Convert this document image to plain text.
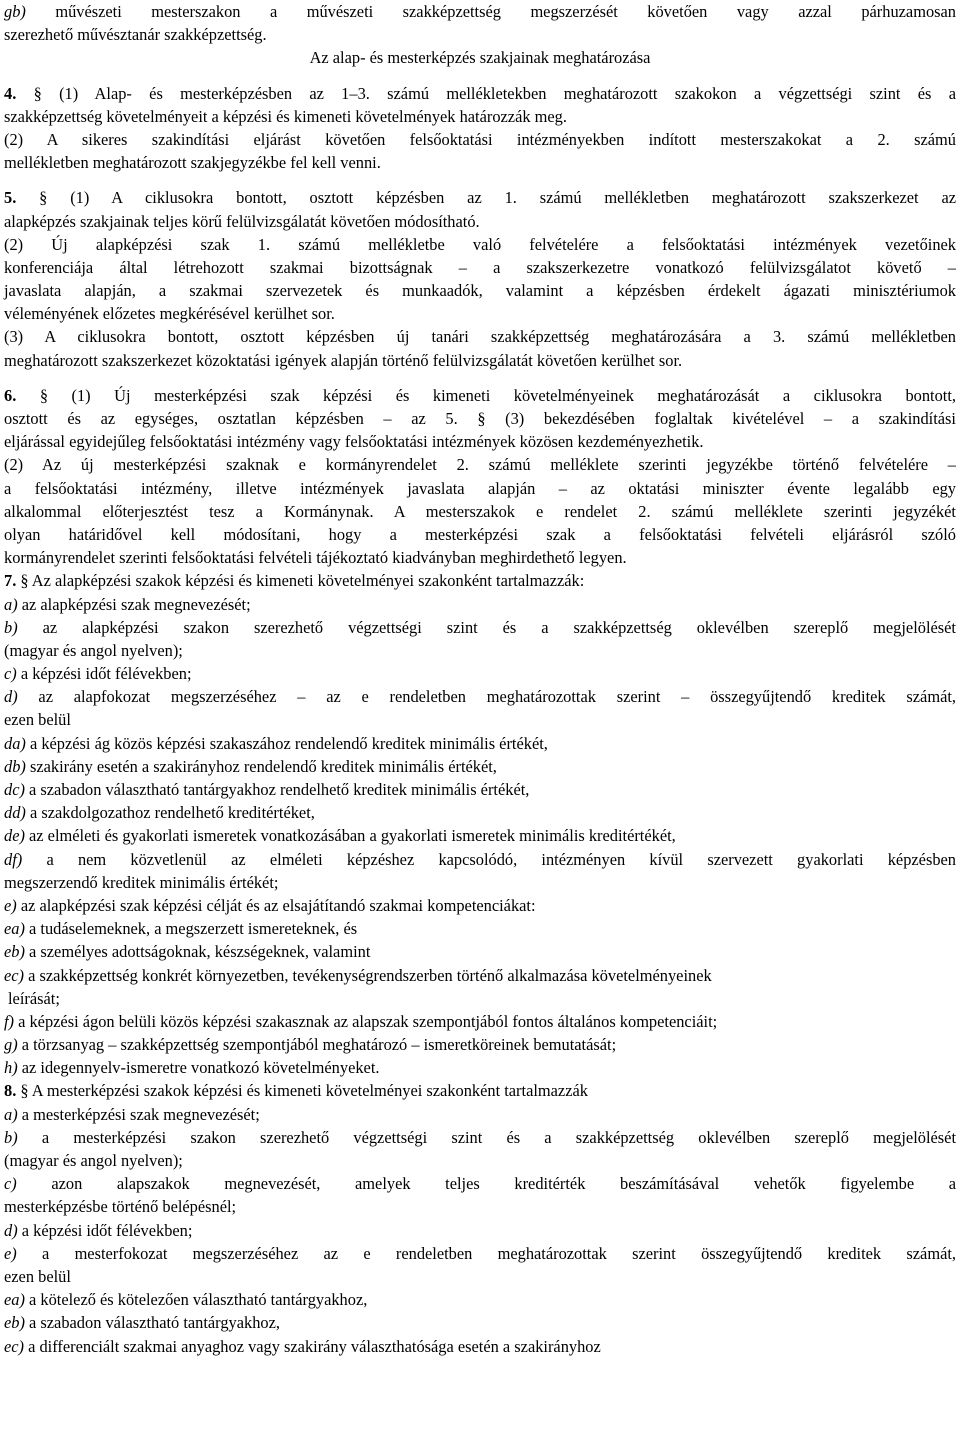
gb) művészeti mesterszakon a művészeti szakképzettség megszerzését követően vagy azzal párhuzamosan
szerezhető művésztanár szakképzettség.
Az alap- és mesterképzés szakjainak meghatározása
4. § (1) Alap- és mesterképzésben az 1–3. számú mellékletekben meghatározott szakokon a végzettségi szint és a
szakképzettség követelményeit a képzési és kimeneti követelmények határozzák meg.
(2) A sikeres szakindítási eljárást követően felsőoktatási intézményekben indított mesterszakokat a 2. számú
mellékletben meghatározott szakjegyzékbe fel kell venni.
5. § (1) A ciklusokra bontott, osztott képzésben az 1. számú mellékletben meghatározott szakszerkezet az
alapképzés szakjainak teljes körű felülvizsgálatát követően módosítható.
(2) Új alapképzési szak 1. számú mellékletbe való felvételére a felsőoktatási intézmények vezetőinek
konferenciája által létrehozott szakmai bizottságnak – a szakszerkezetre vonatkozó felülvizsgálatot követő –
javaslata alapján, a szakmai szervezetek és munkaadók, valamint a képzésben érdekelt ágazati minisztériumok
véleményének előzetes megkérésével kerülhet sor.
(3) A ciklusokra bontott, osztott képzésben új tanári szakképzettség meghatározására a 3. számú mellékletben
meghatározott szakszerkezet közoktatási igények alapján történő felülvizsgálatát követően kerülhet sor.
6. § (1) Új mesterképzési szak képzési és kimeneti követelményeinek meghatározását a ciklusokra bontott,
osztott és az egységes, osztatlan képzésben – az 5. § (3) bekezdésében foglaltak kivételével – a szakindítási
eljárással egyidejűleg felsőoktatási intézmény vagy felsőoktatási intézmények közösen kezdeményezhetik.
(2) Az új mesterképzési szaknak e kormányrendelet 2. számú melléklete szerinti jegyzékbe történő felvételére –
a felsőoktatási intézmény, illetve intézmények javaslata alapján – az oktatási miniszter évente legalább egy
alkalommal előterjesztést tesz a Kormánynak. A mesterszakok e rendelet 2. számú melléklete szerinti jegyzékét
olyan határidővel kell módosítani, hogy a mesterképzési szak a felsőoktatási felvételi eljárásról szóló
kormányrendelet szerinti felsőoktatási felvételi tájékoztató kiadványban meghirdethető legyen.
7. § Az alapképzési szakok képzési és kimeneti követelményei szakonként tartalmazzák:
a) az alapképzési szak megnevezését;
b) az alapképzési szakon szerezhető végzettségi szint és a szakképzettség oklevélben szereplő megjelölését
(magyar és angol nyelven);
c) a képzési időt félévekben;
d) az alapfokozat megszerzéséhez – az e rendeletben meghatározottak szerint – összegyűjtendő kreditek számát,
ezen belül
da) a képzési ág közös képzési szakaszához rendelendő kreditek minimális értékét,
db) szakirány esetén a szakirányhoz rendelendő kreditek minimális értékét,
dc) a szabadon választható tantárgyakhoz rendelhető kreditek minimális értékét,
dd) a szakdolgozathoz rendelhető kreditértéket,
de) az elméleti és gyakorlati ismeretek vonatkozásában a gyakorlati ismeretek minimális kreditértékét,
df) a nem közvetlenül az elméleti képzéshez kapcsolódó, intézményen kívül szervezett gyakorlati képzésben
megszerzendő kreditek minimális értékét;
e) az alapképzési szak képzési célját és az elsajátítandó szakmai kompetenciákat:
ea) a tudáselemeknek, a megszerzett ismereteknek, és
eb) a személyes adottságoknak, készségeknek, valamint
ec) a szakképzettség konkrét környezetben, tevékenységrendszerben történő alkalmazása követelményeinek
leírását;
f) a képzési ágon belüli közös képzési szakasznak az alapszak szempontjából fontos általános kompetenciáit;
g) a törzsanyag – szakképzettség szempontjából meghatározó – ismeretköreinek bemutatását;
h) az idegennyelv-ismeretre vonatkozó követelményeket.
8. § A mesterképzési szakok képzési és kimeneti követelményei szakonként tartalmazzák
a) a mesterképzési szak megnevezését;
b) a mesterképzési szakon szerezhető végzettségi szint és a szakképzettség oklevélben szereplő megjelölését
(magyar és angol nyelven);
c) azon alapszakok megnevezését, amelyek teljes kreditérték beszámításával vehetők figyelembe a
mesterképzésbe történő belépésnél;
d) a képzési időt félévekben;
e) a mesterfokozat megszerzéséhez az e rendeletben meghatározottak szerint összegyűjtendő kreditek számát,
ezen belül
ea) a kötelező és kötelezően választható tantárgyakhoz,
eb) a szabadon választható tantárgyakhoz,
ec) a differenciált szakmai anyaghoz vagy szakirány választhatósága esetén a szakirányhoz
